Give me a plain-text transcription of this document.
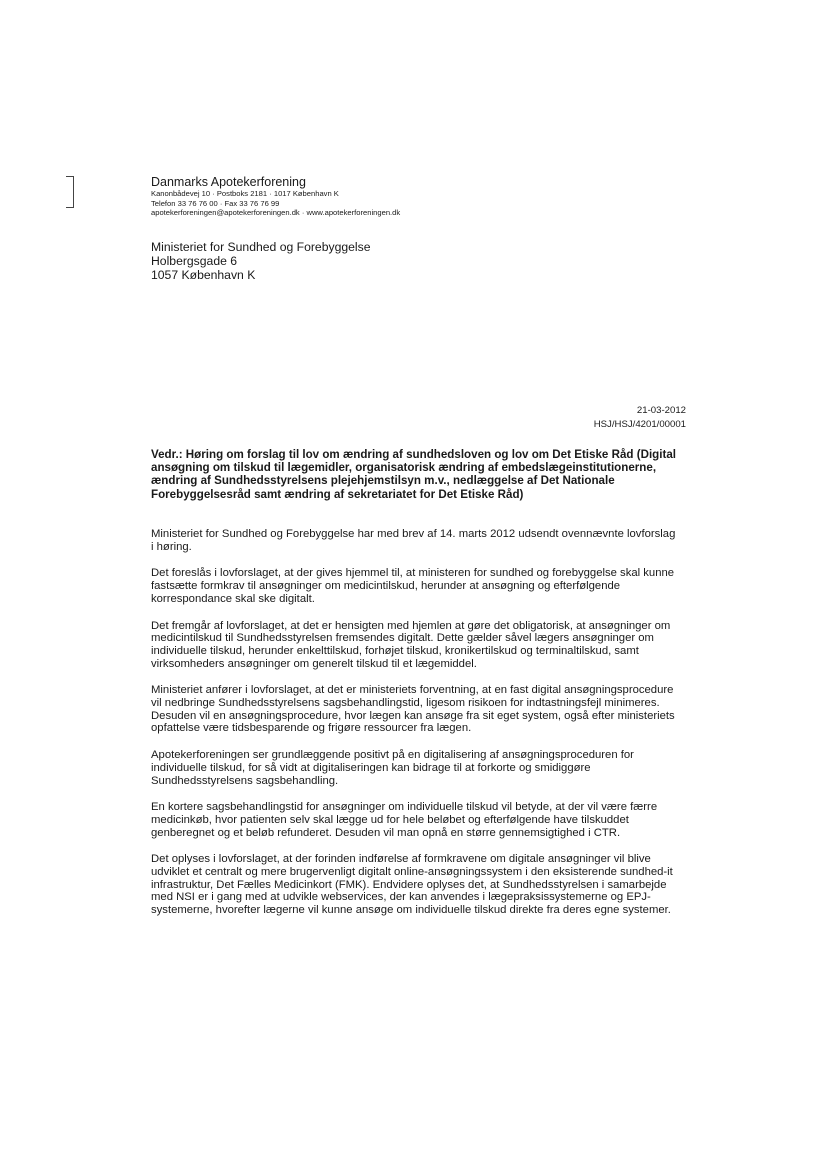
Danmarks Apotekerforening
Kanonbådevej 10 · Postboks 2181 · 1017 København K
Telefon 33 76 76 00 · Fax 33 76 76 99
apotekerforeningen@apotekerforeningen.dk · www.apotekerforeningen.dk
Ministeriet for Sundhed og Forebyggelse
Holbergsgade 6
1057 København K
21-03-2012
HSJ/HSJ/4201/00001
Vedr.: Høring om forslag til lov om ændring af sundhedsloven og lov om Det Etiske Råd (Digital ansøgning om tilskud til lægemidler, organisatorisk ændring af embedslægeinstitutionerne, ændring af Sundhedsstyrelsens plejehjemstilsyn m.v., nedlæggelse af Det Nationale Forebyggelsesråd samt ændring af sekretariatet for Det Etiske Råd)

Ministeriet for Sundhed og Forebyggelse har med brev af 14. marts 2012 udsendt ovennævnte lovforslag i høring.

Det foreslås i lovforslaget, at der gives hjemmel til, at ministeren for sundhed og forebyggelse skal kunne fastsætte formkrav til ansøgninger om medicintilskud, herunder at ansøgning og efterfølgende korrespondance skal ske digitalt.

Det fremgår af lovforslaget, at det er hensigten med hjemlen at gøre det obligatorisk, at ansøgninger om medicintilskud til Sundhedsstyrelsen fremsendes digitalt. Dette gælder såvel lægers ansøgninger om individuelle tilskud, herunder enkelttilskud, forhøjet tilskud, kronikertilskud og terminaltilskud, samt virksomheders ansøgninger om generelt tilskud til et lægemiddel.

Ministeriet anfører i lovforslaget, at det er ministeriets forventning, at en fast digital ansøgningsprocedure vil nedbringe Sundhedsstyrelsens sagsbehandlingstid, ligesom risikoen for indtastningsfejl minimeres. Desuden vil en ansøgningsprocedure, hvor lægen kan ansøge fra sit eget system, også efter ministeriets opfattelse være tidsbesparende og frigøre ressourcer fra lægen.

Apotekerforeningen ser grundlæggende positivt på en digitalisering af ansøgningsproceduren for individuelle tilskud, for så vidt at digitaliseringen kan bidrage til at forkorte og smidiggøre Sundhedsstyrelsens sagsbehandling.

En kortere sagsbehandlingstid for ansøgninger om individuelle tilskud vil betyde, at der vil være færre medicinkøb, hvor patienten selv skal lægge ud for hele beløbet og efterfølgende have tilskuddet genberegnet og et beløb refunderet. Desuden vil man opnå en større gennemsigtighed i CTR.

Det oplyses i lovforslaget, at der forinden indførelse af formkravene om digitale ansøgninger vil blive udviklet et centralt og mere brugervenligt digitalt online-ansøgningssystem i den eksisterende sundhed-it infrastruktur, Det Fælles Medicinkort (FMK). Endvidere oplyses det, at Sundhedsstyrelsen i samarbejde med NSI er i gang med at udvikle webservices, der kan anvendes i lægepraksissystemerne og EPJ-systemerne, hvorefter lægerne vil kunne ansøge om individuelle tilskud direkte fra deres egne systemer.
